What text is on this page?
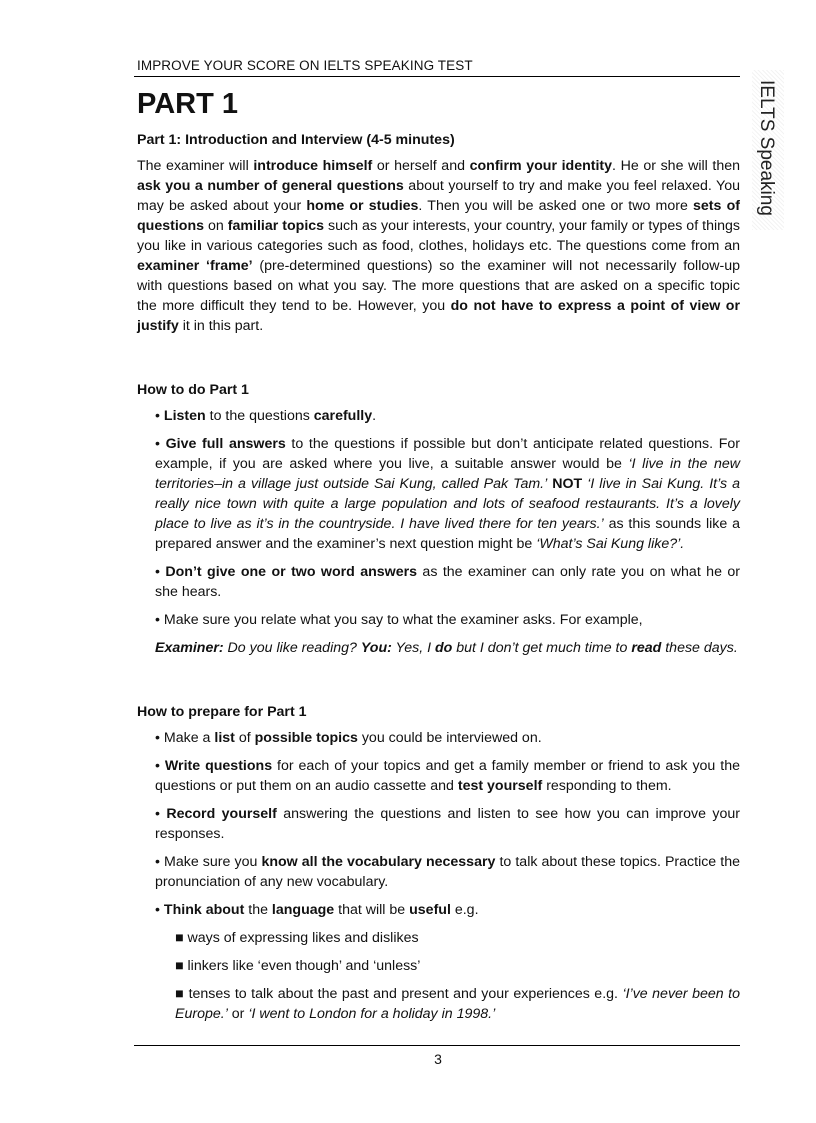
IMPROVE YOUR SCORE ON IELTS SPEAKING TEST
IELTS Speaking
PART 1
Part 1: Introduction and Interview (4-5 minutes)

The examiner will introduce himself or herself and confirm your identity. He or she will then ask you a number of general questions about yourself to try and make you feel relaxed. You may be asked about your home or studies. Then you will be asked one or two more sets of questions on familiar topics such as your interests, your country, your family or types of things you like in various categories such as food, clothes, holidays etc. The questions come from an examiner ‘frame’ (pre-determined questions) so the examiner will not necessarily follow-up with questions based on what you say. The more questions that are asked on a specific topic the more difficult they tend to be. However, you do not have to express a point of view or justify it in this part.

How to do Part 1

• Listen to the questions carefully.

• Give full answers to the questions if possible but don’t anticipate related questions. For example, if you are asked where you live, a suitable answer would be ‘I live in the new territories–in a village just outside Sai Kung, called Pak Tam.’ NOT ‘I live in Sai Kung. It’s a really nice town with quite a large population and lots of seafood restaurants. It’s a lovely place to live as it’s in the countryside. I have lived there for ten years.’ as this sounds like a prepared answer and the examiner’s next question might be ‘What’s Sai Kung like?’.

• Don’t give one or two word answers as the examiner can only rate you on what he or she hears.

• Make sure you relate what you say to what the examiner asks. For example,

Examiner: Do you like reading? You: Yes, I do but I don’t get much time to read these days.

How to prepare for Part 1

• Make a list of possible topics you could be interviewed on.

• Write questions for each of your topics and get a family member or friend to ask you the questions or put them on an audio cassette and test yourself responding to them.

• Record yourself answering the questions and listen to see how you can improve your responses.

• Make sure you know all the vocabulary necessary to talk about these topics. Practice the pronunciation of any new vocabulary.

• Think about the language that will be useful e.g.

■ ways of expressing likes and dislikes

■ linkers like ‘even though’ and ‘unless’

■ tenses to talk about the past and present and your experiences e.g. ‘I’ve never been to Europe.’ or ‘I went to London for a holiday in 1998.’

3
